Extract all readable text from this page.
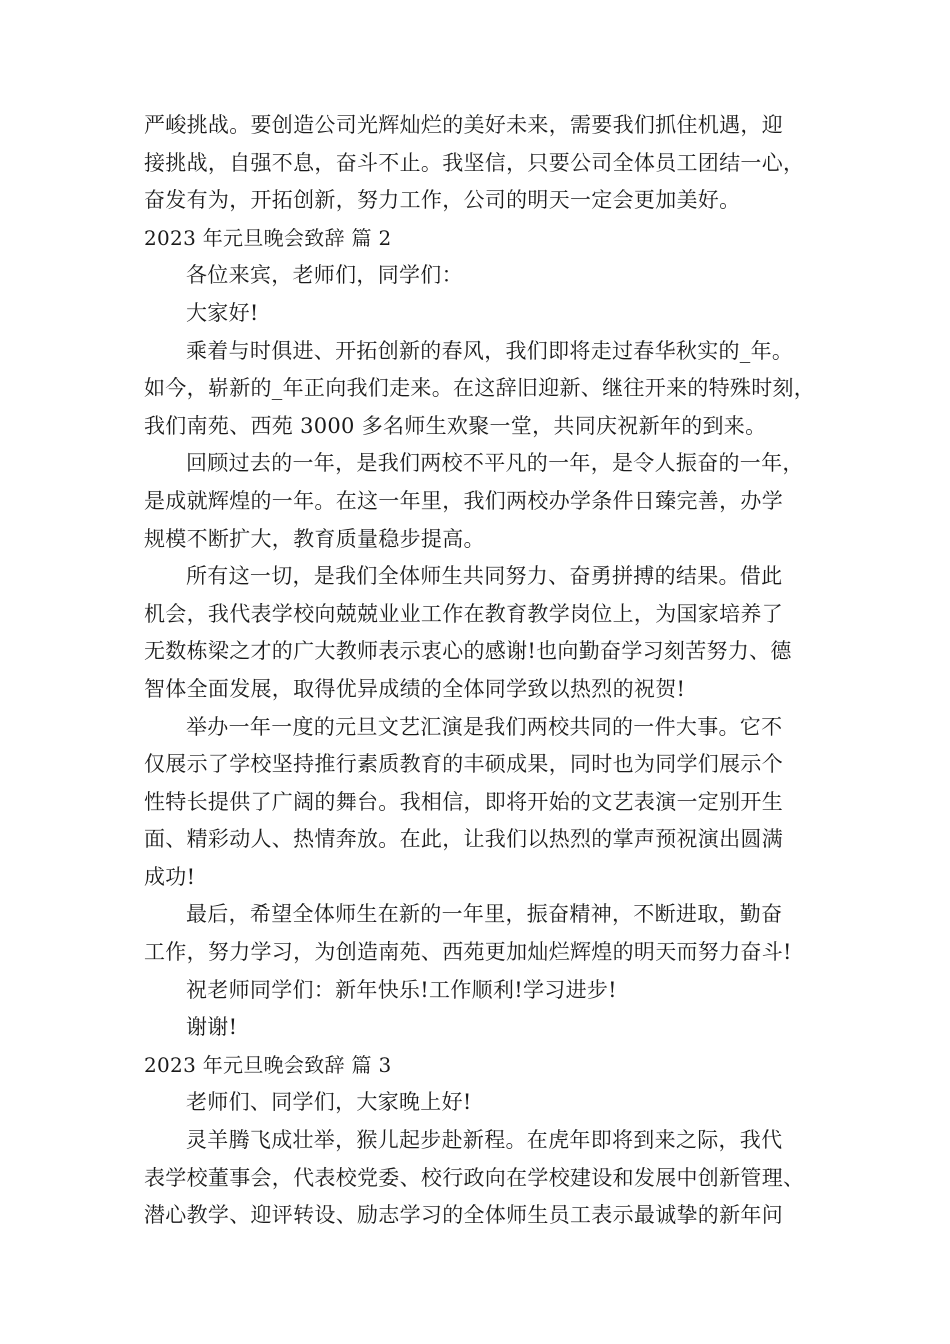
严峻挑战。要创造公司光辉灿烂的美好未来，需要我们抓住机遇，迎
接挑战，自强不息，奋斗不止。我坚信，只要公司全体员工团结一心，
奋发有为，开拓创新，努力工作，公司的明天一定会更加美好。
2023 年元旦晚会致辞 篇 2
各位来宾，老师们，同学们：
大家好!
乘着与时俱进、开拓创新的春风，我们即将走过春华秋实的_年。
如今，崭新的_年正向我们走来。在这辞旧迎新、继往开来的特殊时刻，
我们南苑、西苑 3000 多名师生欢聚一堂，共同庆祝新年的到来。
回顾过去的一年，是我们两校不平凡的一年，是令人振奋的一年，
是成就辉煌的一年。在这一年里，我们两校办学条件日臻完善，办学
规模不断扩大，教育质量稳步提高。
所有这一切，是我们全体师生共同努力、奋勇拼搏的结果。借此
机会，我代表学校向兢兢业业工作在教育教学岗位上，为国家培养了
无数栋梁之才的广大教师表示衷心的感谢!也向勤奋学习刻苦努力、德
智体全面发展，取得优异成绩的全体同学致以热烈的祝贺!
举办一年一度的元旦文艺汇演是我们两校共同的一件大事。它不
仅展示了学校坚持推行素质教育的丰硕成果，同时也为同学们展示个
性特长提供了广阔的舞台。我相信，即将开始的文艺表演一定别开生
面、精彩动人、热情奔放。在此，让我们以热烈的掌声预祝演出圆满
成功!
最后，希望全体师生在新的一年里，振奋精神，不断进取，勤奋
工作，努力学习，为创造南苑、西苑更加灿烂辉煌的明天而努力奋斗!
祝老师同学们：新年快乐!工作顺利!学习进步!
谢谢!
2023 年元旦晚会致辞 篇 3
老师们、同学们，大家晚上好!
灵羊腾飞成壮举，猴儿起步赴新程。在虎年即将到来之际，我代
表学校董事会，代表校党委、校行政向在学校建设和发展中创新管理、
潜心教学、迎评转设、励志学习的全体师生员工表示最诚挚的新年问
